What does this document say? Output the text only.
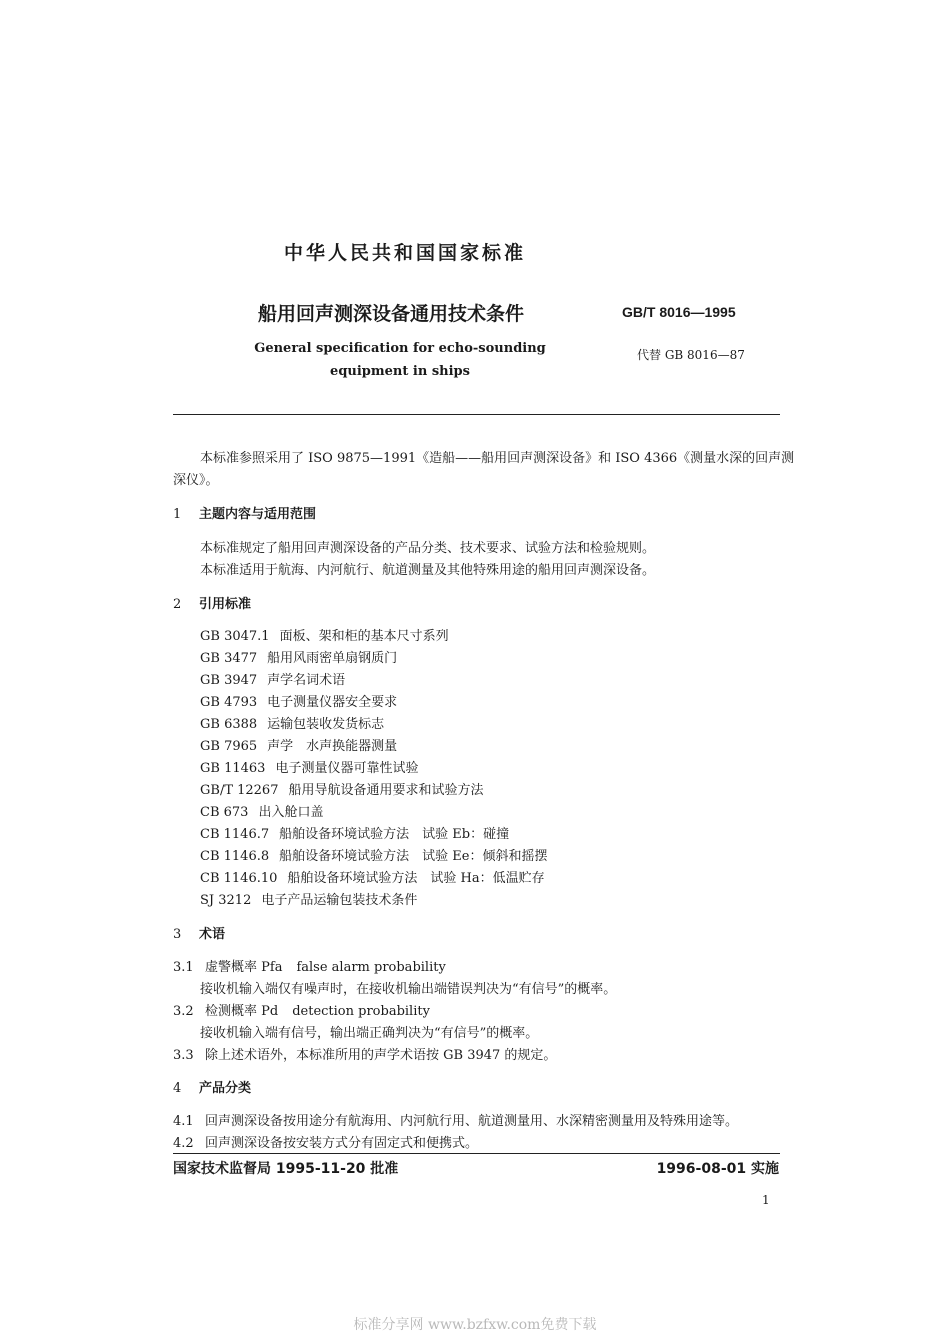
中华人民共和国国家标准
船用回声测深设备通用技术条件	GB/T 8016—1995
General specification for echo-sounding
equipment in ships
代替 GB 8016—87
本标准参照采用了 ISO 9875—1991《造船——船用回声测深设备》和 ISO 4366《测量水深的回声测
深仪》。
1 主题内容与适用范围
本标准规定了船用回声测深设备的产品分类、技术要求、试验方法和检验规则。
本标准适用于航海、内河航行、航道测量及其他特殊用途的船用回声测深设备。
2 引用标准
GB 3047.1 面板、架和柜的基本尺寸系列
GB 3477 船用风雨密单扇钢质门
GB 3947 声学名词术语
GB 4793 电子测量仪器安全要求
GB 6388 运输包装收发货标志
GB 7965 声学　水声换能器测量
GB 11463 电子测量仪器可靠性试验
GB/T 12267 船用导航设备通用要求和试验方法
CB 673 出入舱口盖
CB 1146.7 船舶设备环境试验方法　试验 Eb：碰撞
CB 1146.8 船舶设备环境试验方法　试验 Ee：倾斜和摇摆
CB 1146.10 船舶设备环境试验方法　试验 Ha：低温贮存
SJ 3212 电子产品运输包装技术条件
3 术语
3.1 虚警概率 Pfa false alarm probability
接收机输入端仅有噪声时，在接收机输出端错误判决为“有信号”的概率。
3.2 检测概率 Pd detection probability
接收机输入端有信号，输出端正确判决为“有信号”的概率。
3.3 除上述术语外，本标准所用的声学术语按 GB 3947 的规定。
4 产品分类
4.1 回声测深设备按用途分有航海用、内河航行用、航道测量用、水深精密测量用及特殊用途等。
4.2 回声测深设备按安装方式分有固定式和便携式。
国家技术监督局 1995-11-20 批准	1996-08-01 实施
1
标准分享网 www.bzfxw.com免费下载
